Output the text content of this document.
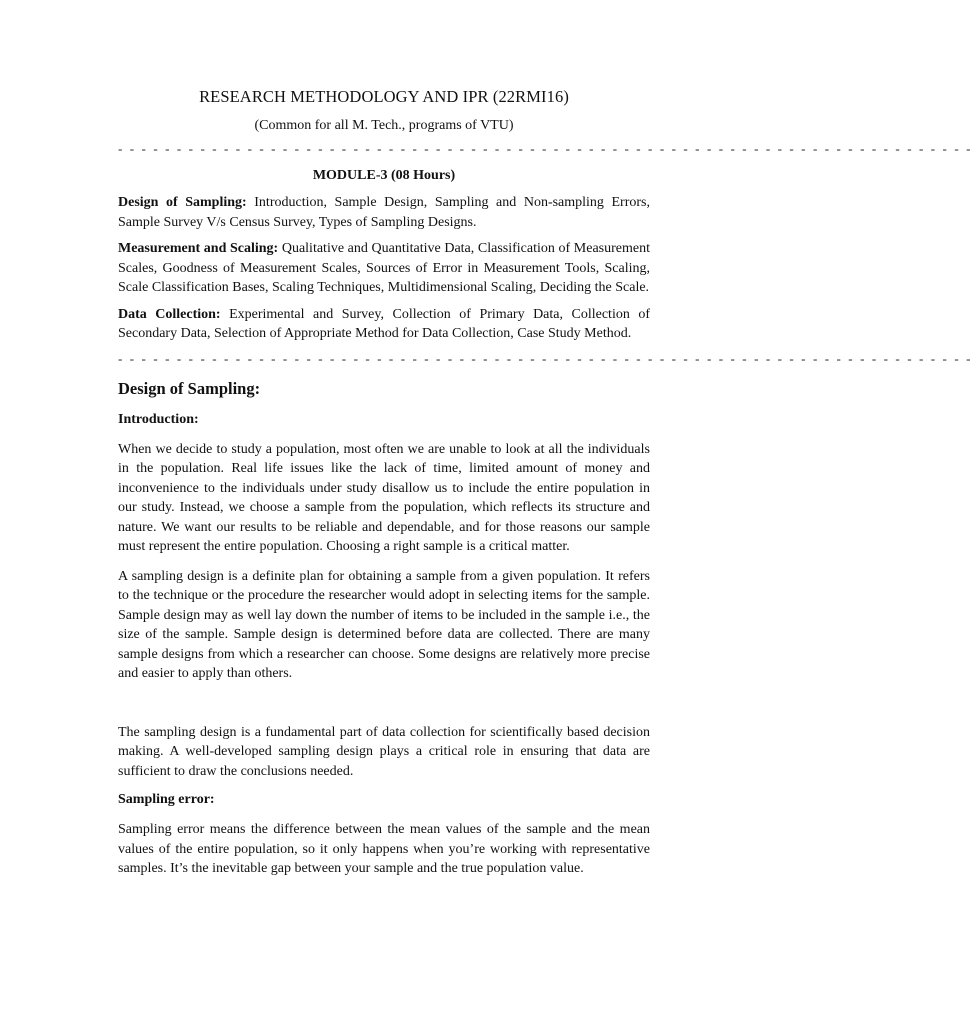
RESEARCH METHODOLOGY AND IPR (22RMI16)
(Common for all M. Tech., programs of VTU)
- - - - - - - - - - - - - - - - - - - - - - - - - - - - - - - - - - - - - - - - - - - - - - - - - - - - - - - - - - - - - - - - - - - - - - - - -
MODULE-3 (08 Hours)

Design of Sampling: Introduction, Sample Design, Sampling and Non-sampling Errors, Sample Survey V/s Census Survey, Types of Sampling Designs.

Measurement and Scaling: Qualitative and Quantitative Data, Classification of Measurement Scales, Goodness of Measurement Scales, Sources of Error in Measurement Tools, Scaling, Scale Classification Bases, Scaling Techniques, Multidimensional Scaling, Deciding the Scale.

Data Collection: Experimental and Survey, Collection of Primary Data, Collection of Secondary Data, Selection of Appropriate Method for Data Collection, Case Study Method.

- - - - - - - - - - - - - - - - - - - - - - - - - - - - - - - - - - - - - - - - - - - - - - - - - - - - - - - - - - - - - - - - - - - - - - - - -
Design of Sampling:
Introduction:

When we decide to study a population, most often we are unable to look at all the individuals in the population. Real life issues like the lack of time, limited amount of money and inconvenience to the individuals under study disallow us to include the entire population in our study. Instead, we choose a sample from the population, which reflects its structure and nature. We want our results to be reliable and dependable, and for those reasons our sample must represent the entire population. Choosing a right sample is a critical matter.

A sampling design is a definite plan for obtaining a sample from a given population. It refers to the technique or the procedure the researcher would adopt in selecting items for the sample. Sample design may as well lay down the number of items to be included in the sample i.e., the size of the sample. Sample design is determined before data are collected. There are many sample designs from which a researcher can choose. Some designs are relatively more precise and easier to apply than others.

The sampling design is a fundamental part of data collection for scientifically based decision making. A well-developed sampling design plays a critical role in ensuring that data are sufficient to draw the conclusions needed.

Sampling error:

Sampling error means the difference between the mean values of the sample and the mean values of the entire population, so it only happens when you’re working with representative samples. It’s the inevitable gap between your sample and the true population value.
